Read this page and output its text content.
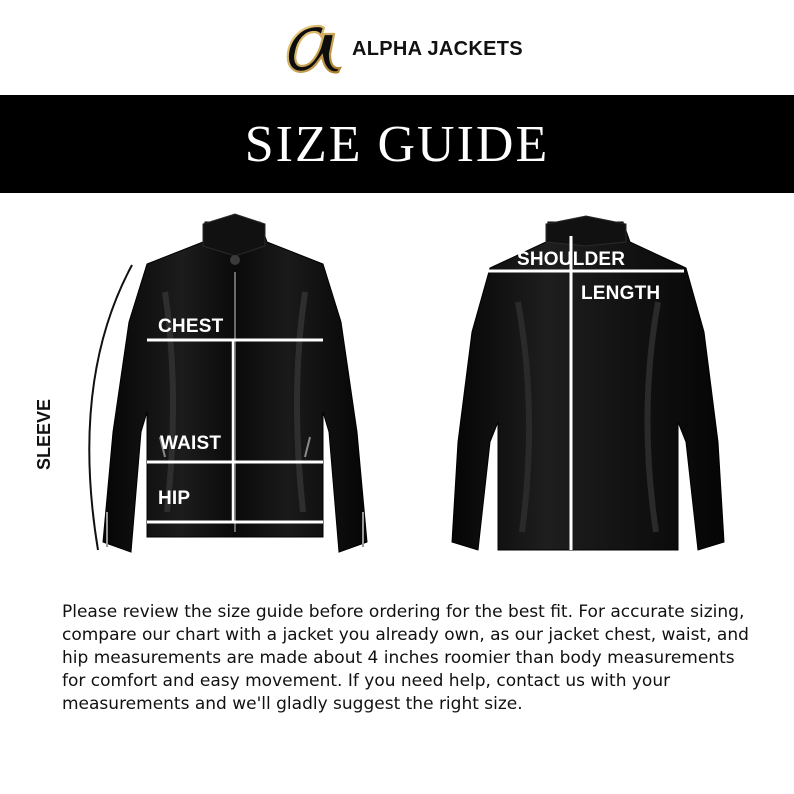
ALPHA JACKETS
SIZE GUIDE
CHEST
WAIST
HIP
SLEEVE
SHOULDER
LENGTH

Please review the size guide before ordering for the best fit. For accurate sizing, compare our chart with a jacket you already own, as our jacket chest, waist, and hip measurements are made about 4 inches roomier than body measurements for comfort and easy movement. If you need help, contact us with your measurements and we'll gladly suggest the right size.
